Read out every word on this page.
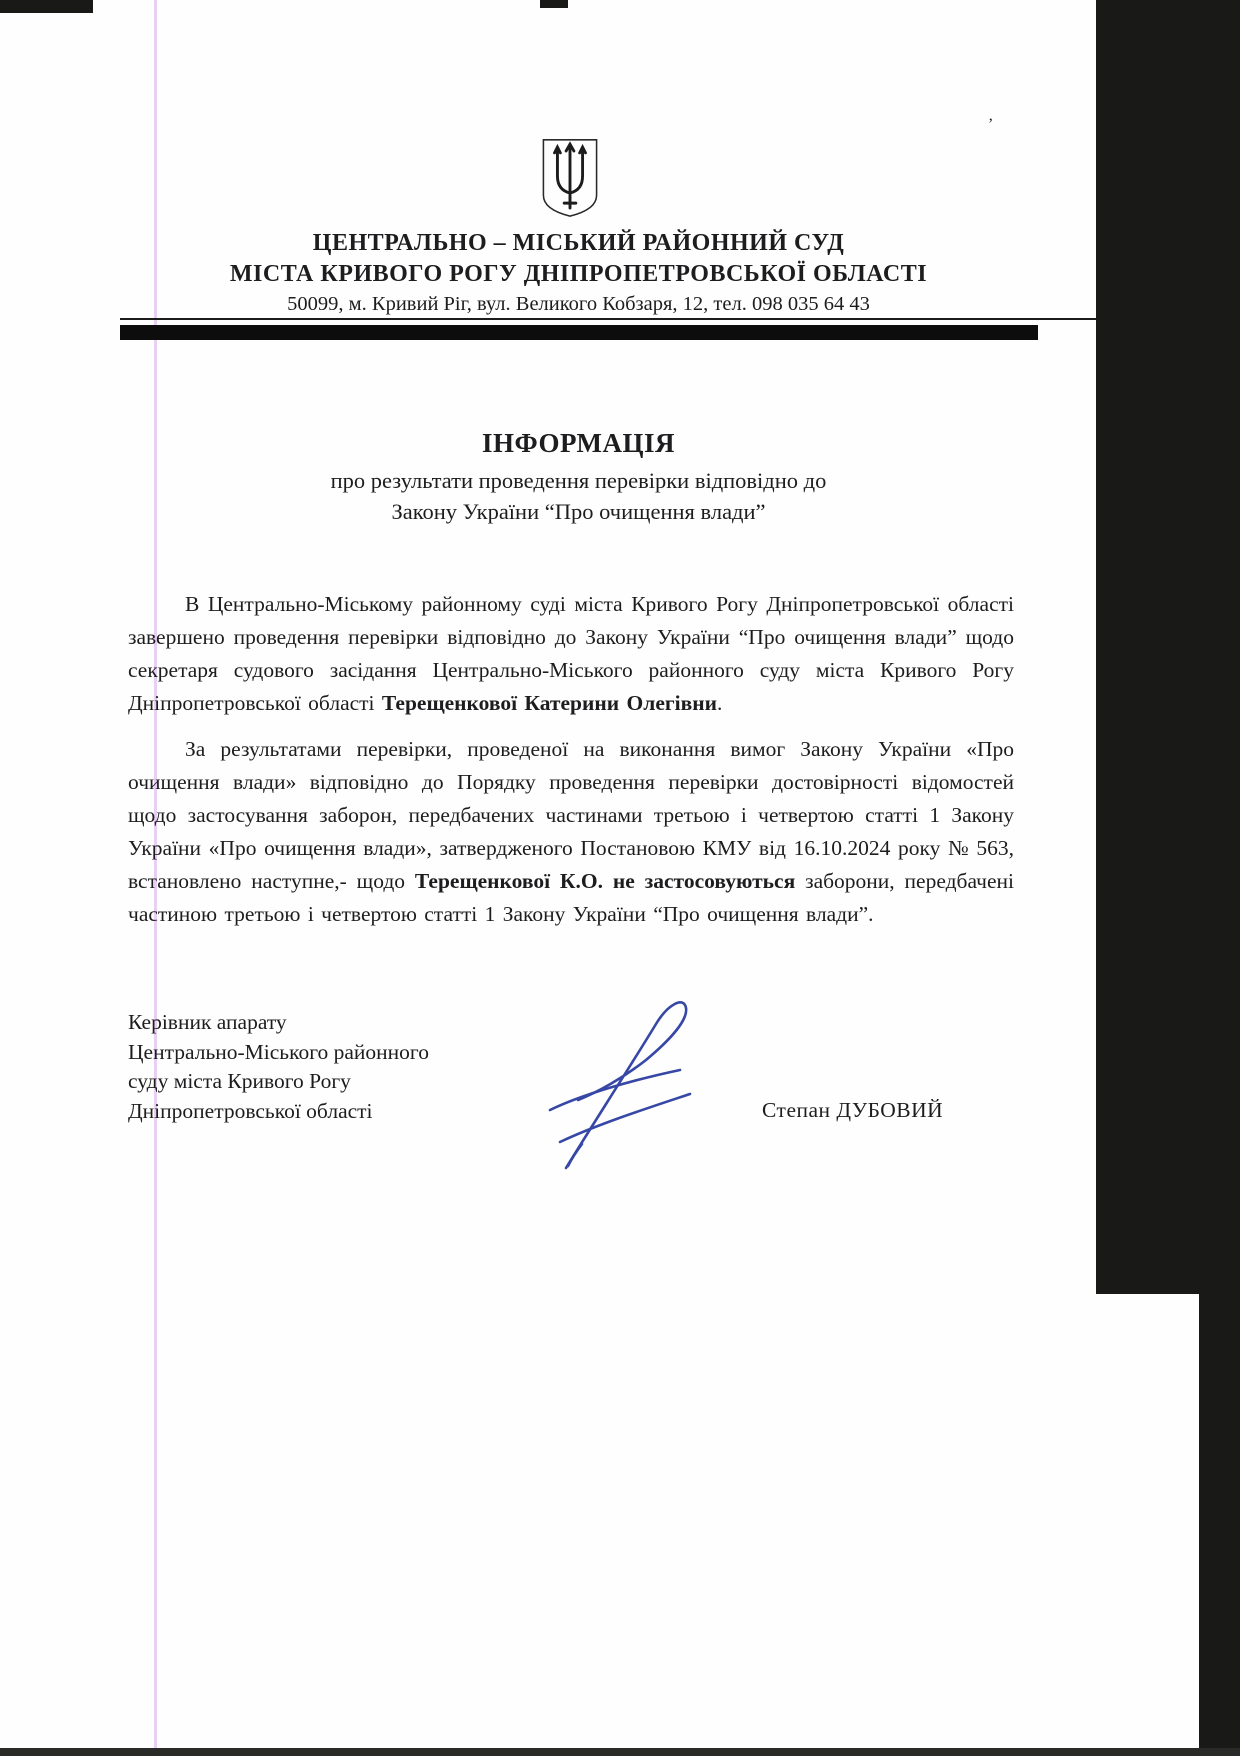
ЦЕНТРАЛЬНО – МІСЬКИЙ РАЙОННИЙ СУД
МІСТА КРИВОГО РОГУ ДНІПРОПЕТРОВСЬКОЇ ОБЛАСТІ
50099, м. Кривий Ріг, вул. Великого Кобзаря, 12, тел. 098 035 64 43
ІНФОРМАЦІЯ
про результати проведення перевірки відповідно до
Закону України “Про очищення влади”

В Центрально-Міському районному суді міста Кривого Рогу Дніпропетровської області завершено проведення перевірки відповідно до Закону України “Про очищення влади” щодо секретаря судового засідання Центрально-Міського районного суду міста Кривого Рогу Дніпропетровської області Терещенкової Катерини Олегівни.

За результатами перевірки, проведеної на виконання вимог Закону України «Про очищення влади» відповідно до Порядку проведення перевірки достовірності відомостей щодо застосування заборон, передбачених частинами третьою і четвертою статті 1 Закону України «Про очищення влади», затвердженого Постановою КМУ від 16.10.2024 року № 563, встановлено наступне,- щодо Терещенкової К.О. не застосовуються заборони, передбачені частиною третьою і четвертою статті 1 Закону України “Про очищення влади”.

Керівник апарату
Центрально-Міського районного
суду міста Кривого Рогу
Дніпропетровської області	Степан ДУБОВИЙ
’
